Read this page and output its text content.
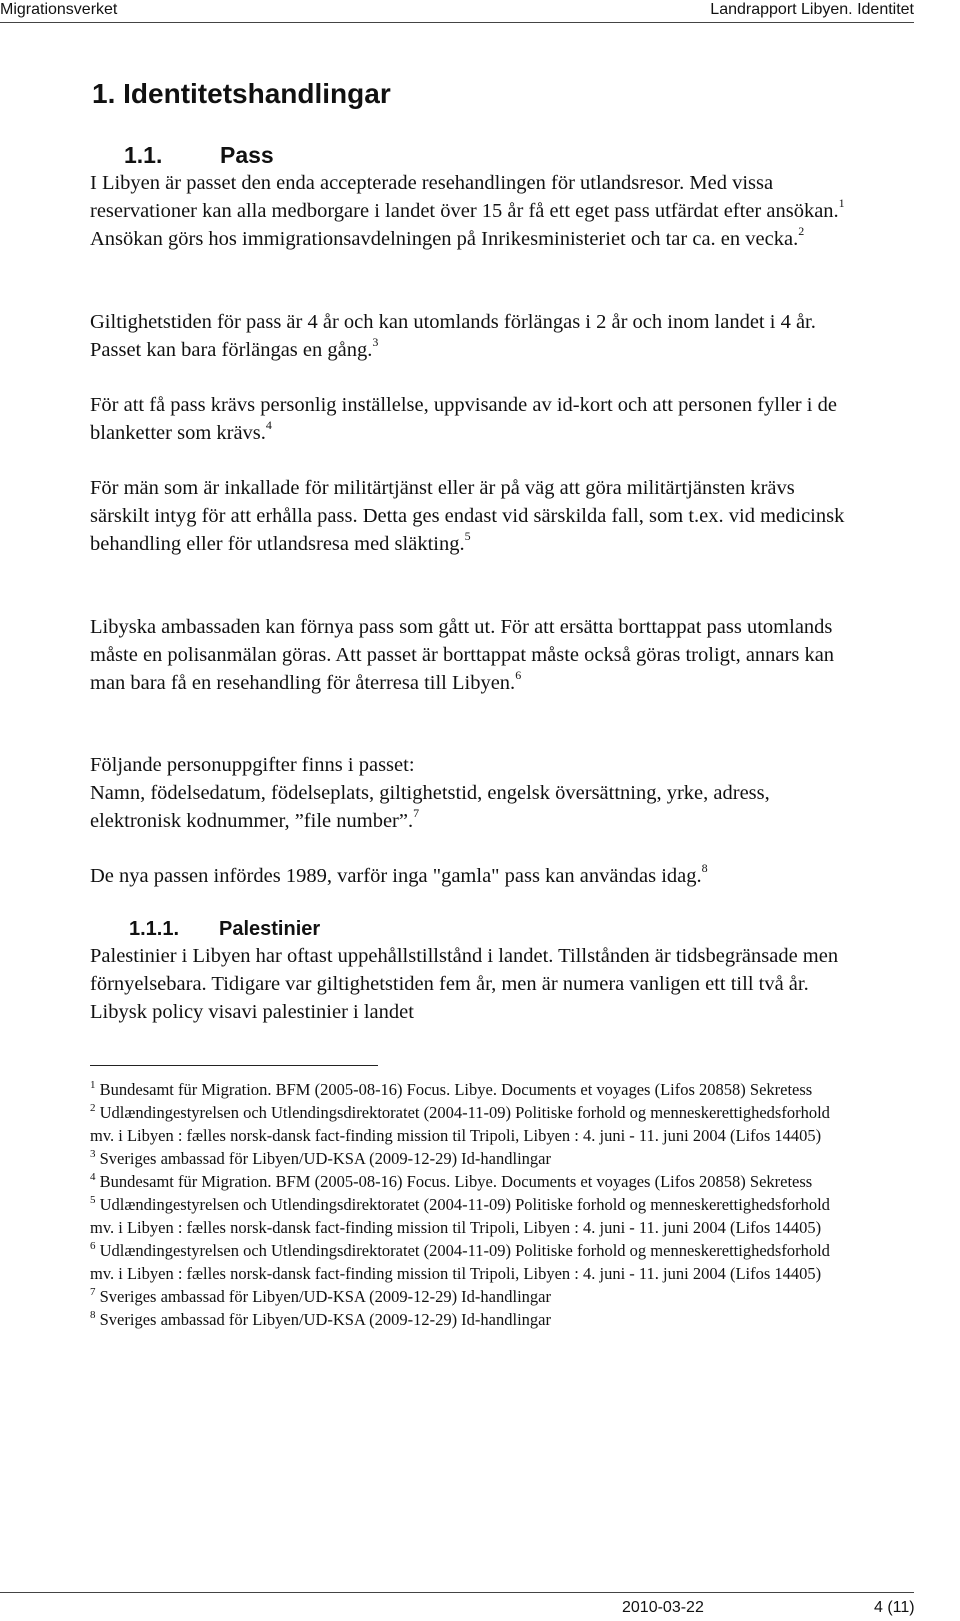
Migrationsverket	Landrapport Libyen. Identitet
1. Identitetshandlingar
1.1.	Pass

I Libyen är passet den enda accepterade resehandlingen för utlandsresor. Med vissa reservationer kan alla medborgare i landet över 15 år få ett eget pass utfärdat efter ansökan.$^1$ Ansökan görs hos immigrationsavdelningen på Inrikesministeriet och tar ca. en vecka.$^2$

Giltighetstiden för pass är 4 år och kan utomlands förlängas i 2 år och inom landet i 4 år. Passet kan bara förlängas en gång.$^3$

För att få pass krävs personlig inställelse, uppvisande av id-kort och att personen fyller i de blanketter som krävs.$^4$

För män som är inkallade för militärtjänst eller är på väg att göra militärtjänsten krävs särskilt intyg för att erhålla pass. Detta ges endast vid särskilda fall, som t.ex. vid medicinsk behandling eller för utlandsresa med släkting.$^5$

Libyska ambassaden kan förnya pass som gått ut. För att ersätta borttappat pass utomlands måste en polisanmälan göras. Att passet är borttappat måste också göras troligt, annars kan man bara få en resehandling för återresa till Libyen.$^6$

Följande personuppgifter finns i passet:

Namn, födelsedatum, födelseplats, giltighetstid, engelsk översättning, yrke, adress, elektronisk kodnummer, ”file number”.$^7$

De nya passen infördes 1989, varför inga "gamla" pass kan användas idag.$^8$

1.1.1. Palestinier

Palestinier i Libyen har oftast uppehållstillstånd i landet. Tillstånden är tidsbegränsade men förnyelsebara. Tidigare var giltighetstiden fem år, men är numera vanligen ett till två år. Libysk policy visavi palestinier i landet

$^1$ Bundesamt für Migration. BFM (2005-08-16) Focus. Libye. Documents et voyages (Lifos 20858) Sekretess
$^2$ Udlændingestyrelsen och Utlendingsdirektoratet (2004-11-09) Politiske forhold og menneskerettighedsforhold mv. i Libyen : fælles norsk-dansk fact-finding mission til Tripoli, Libyen : 4. juni - 11. juni 2004 (Lifos 14405)
$^3$ Sveriges ambassad för Libyen/UD-KSA (2009-12-29) Id-handlingar
$^4$ Bundesamt für Migration. BFM (2005-08-16) Focus. Libye. Documents et voyages (Lifos 20858) Sekretess
$^5$ Udlændingestyrelsen och Utlendingsdirektoratet (2004-11-09) Politiske forhold og menneskerettighedsforhold mv. i Libyen : fælles norsk-dansk fact-finding mission til Tripoli, Libyen : 4. juni - 11. juni 2004 (Lifos 14405)
$^6$ Udlændingestyrelsen och Utlendingsdirektoratet (2004-11-09) Politiske forhold og menneskerettighedsforhold mv. i Libyen : fælles norsk-dansk fact-finding mission til Tripoli, Libyen : 4. juni - 11. juni 2004 (Lifos 14405)
$^7$ Sveriges ambassad för Libyen/UD-KSA (2009-12-29) Id-handlingar
$^8$ Sveriges ambassad för Libyen/UD-KSA (2009-12-29) Id-handlingar
2010-03-22	4 (11)
